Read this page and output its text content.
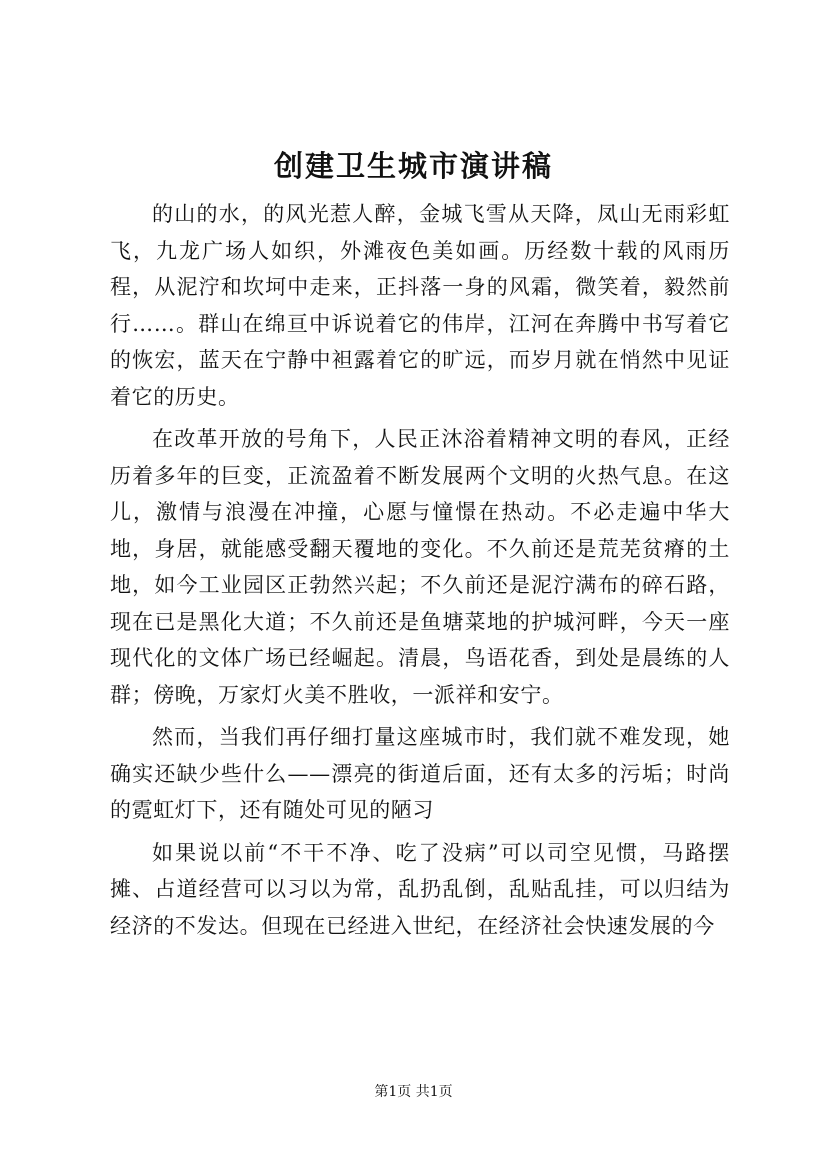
创建卫生城市演讲稿

的山的水，的风光惹人醉，金城飞雪从天降，凤山无雨彩虹飞，九龙广场人如织，外滩夜色美如画。历经数十载的风雨历程，从泥泞和坎坷中走来，正抖落一身的风霜，微笑着，毅然前行……。群山在绵亘中诉说着它的伟岸，江河在奔腾中书写着它的恢宏，蓝天在宁静中袒露着它的旷远，而岁月就在悄然中见证着它的历史。

在改革开放的号角下，人民正沐浴着精神文明的春风，正经历着多年的巨变，正流盈着不断发展两个文明的火热气息。在这儿，激情与浪漫在冲撞，心愿与憧憬在热动。不必走遍中华大地，身居，就能感受翻天覆地的变化。不久前还是荒芜贫瘠的土地，如今工业园区正勃然兴起；不久前还是泥泞满布的碎石路，现在已是黑化大道；不久前还是鱼塘菜地的护城河畔，今天一座现代化的文体广场已经崛起。清晨，鸟语花香，到处是晨练的人群；傍晚，万家灯火美不胜收，一派祥和安宁。

然而，当我们再仔细打量这座城市时，我们就不难发现，她确实还缺少些什么——漂亮的街道后面，还有太多的污垢；时尚的霓虹灯下，还有随处可见的陋习

如果说以前“不干不净、吃了没病”可以司空见惯，马路摆摊、占道经营可以习以为常，乱扔乱倒，乱贴乱挂，可以归结为经济的不发达。但现在已经进入世纪，在经济社会快速发展的今

第1页 共1页
